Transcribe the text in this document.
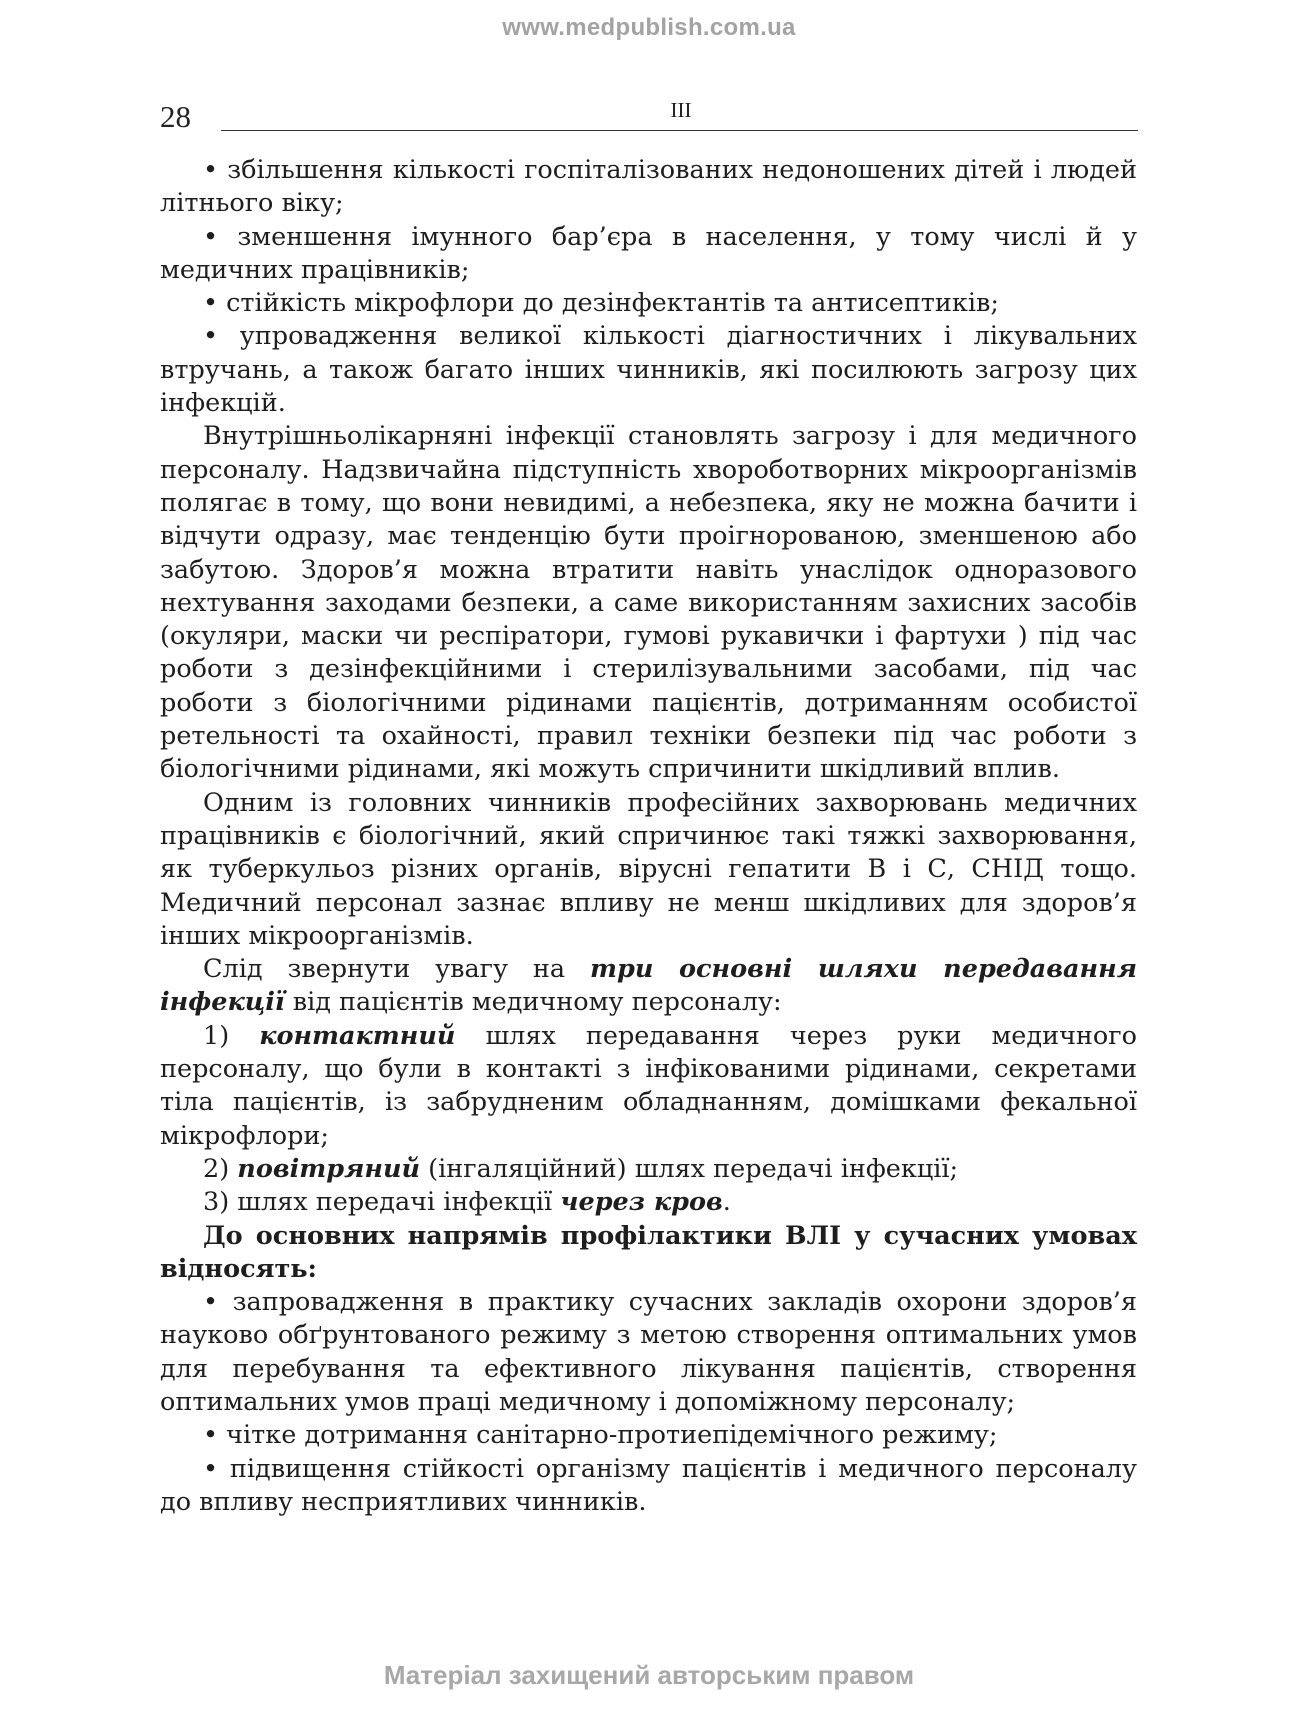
www.medpublish.com.ua
28	ІІІ

• збільшення кількості госпіталізованих недоношених дітей і людей літнього віку;

• зменшення імунного бар’єра в населення, у тому числі й у медичних працівників;

• стійкість мікрофлори до дезінфектантів та антисептиків;

• упровадження великої кількості діагностичних і лікувальних втручань, а також багато інших чинників, які посилюють загрозу цих інфекцій.

Внутрішньолікарняні інфекції становлять загрозу і для медичного персоналу. Надзвичайна підступність хвороботворних мікроорганізмів полягає в тому, що вони невидимі, а небезпека, яку не можна бачити і відчути одразу, має тенденцію бути проігнорованою, зменшеною або забутою. Здоров’я можна втратити навіть унаслідок одноразового нехтування заходами безпеки, а саме використанням захисних засобів (окуляри, маски чи респіратори, гумові рукавички і фартухи ) під час роботи з дезінфекційними і стерилізувальними засобами, під час роботи з біологічними рідинами пацієнтів, дотриманням особистої ретельності та охайності, правил техніки безпеки під час роботи з біологічними рідинами, які можуть спричинити шкідливий вплив.

Одним із головних чинників професійних захворювань медичних працівників є біологічний, який спричинює такі тяжкі захворювання, як туберкульоз різних органів, вірусні гепатити В і С, СНІД тощо. Медичний персонал зазнає впливу не менш шкідливих для здоров’я інших мікроорганізмів.

Слід звернути увагу на три основні шляхи передавання інфекції від пацієнтів медичному персоналу:

1) контактний шлях передавання через руки медичного персоналу, що були в контакті з інфікованими рідинами, секретами тіла пацієнтів, із забрудненим обладнанням, домішками фекальної мікрофлори;

2) повітряний (інгаляційний) шлях передачі інфекції;

3) шлях передачі інфекції через кров.

До основних напрямів профілактики ВЛІ у сучасних умовах відносять:

• запровадження в практику сучасних закладів охорони здоров’я науково обґрунтованого режиму з метою створення оптимальних умов для перебування та ефективного лікування пацієнтів, створення оптимальних умов праці медичному і допоміжному персоналу;

• чітке дотримання санітарно-протиепідемічного режиму;

• підвищення стійкості організму пацієнтів і медичного персоналу до впливу несприятливих чинників.

Матеріал захищений авторським правом
